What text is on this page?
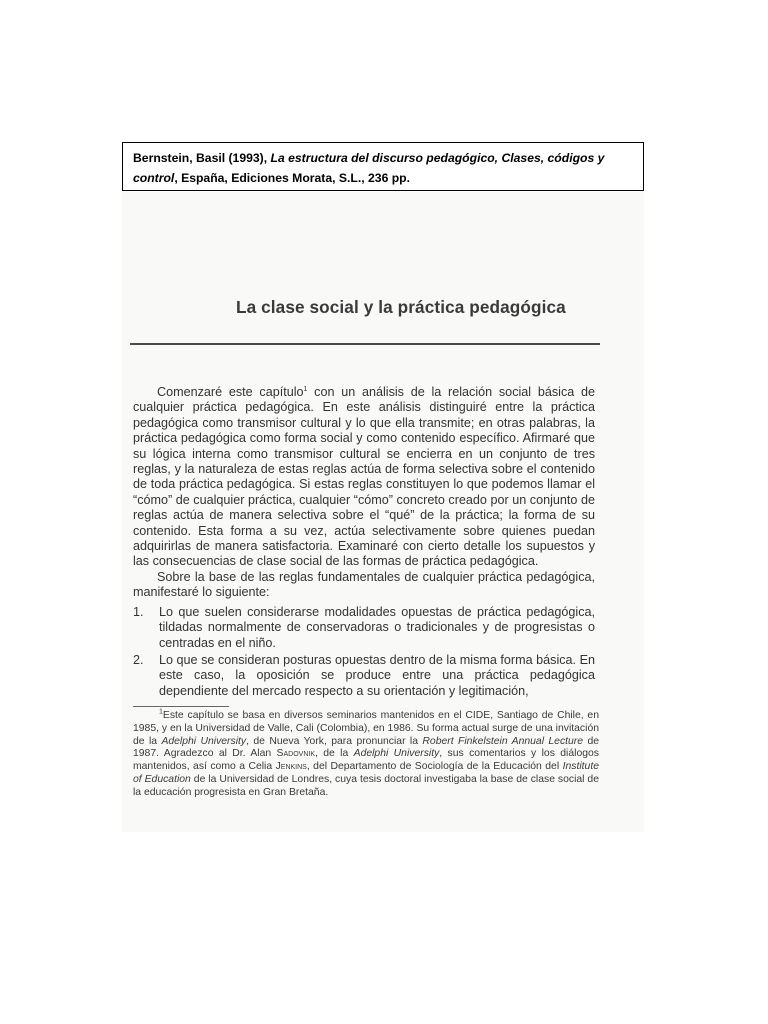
Bernstein, Basil (1993), La estructura del discurso pedagógico, Clases, códigos y control, España, Ediciones Morata, S.L., 236 pp.
La clase social y la práctica pedagógica

Comenzaré este capítulo$^1$ con un análisis de la relación social básica de cualquier práctica pedagógica. En este análisis distinguiré entre la práctica pedagógica como transmisor cultural y lo que ella transmite; en otras palabras, la práctica pedagógica como forma social y como contenido específico. Afirmaré que su lógica interna como transmisor cultural se encierra en un conjunto de tres reglas, y la naturaleza de estas reglas actúa de forma selectiva sobre el contenido de toda práctica pedagógica. Si estas reglas constituyen lo que podemos llamar el “cómo” de cualquier práctica, cualquier “cómo” concreto creado por un conjunto de reglas actúa de manera selectiva sobre el “qué” de la práctica; la forma de su contenido. Esta forma a su vez, actúa selectivamente sobre quienes puedan adquirirlas de manera satisfactoria. Examinaré con cierto detalle los supuestos y las consecuencias de clase social de las formas de práctica pedagógica.

Sobre la base de las reglas fundamentales de cualquier práctica pedagógica, manifestaré lo siguiente:

1. Lo que suelen considerarse modalidades opuestas de práctica pedagógica, tildadas normalmente de conservadoras o tradicionales y de progresistas o centradas en el niño.
2. Lo que se consideran posturas opuestas dentro de la misma forma básica. En este caso, la oposición se produce entre una práctica pedagógica dependiente del mercado respecto a su orientación y legitimación,
$^1$Este capítulo se basa en diversos seminarios mantenidos en el CIDE, Santiago de Chile, en 1985, y en la Universidad de Valle, Cali (Colombia), en 1986. Su forma actual surge de una invitación de la Adelphi University, de Nueva York, para pronunciar la Robert Finkelstein Annual Lecture de 1987. Agradezco al Dr. Alan Sadovnik, de la Adelphi University, sus comentarios y los diálogos mantenidos, así como a Celia Jenkins, del Departamento de Sociología de la Educación del Institute of Education de la Universidad de Londres, cuya tesis doctoral investigaba la base de clase social de la educación progresista en Gran Bretaña.
